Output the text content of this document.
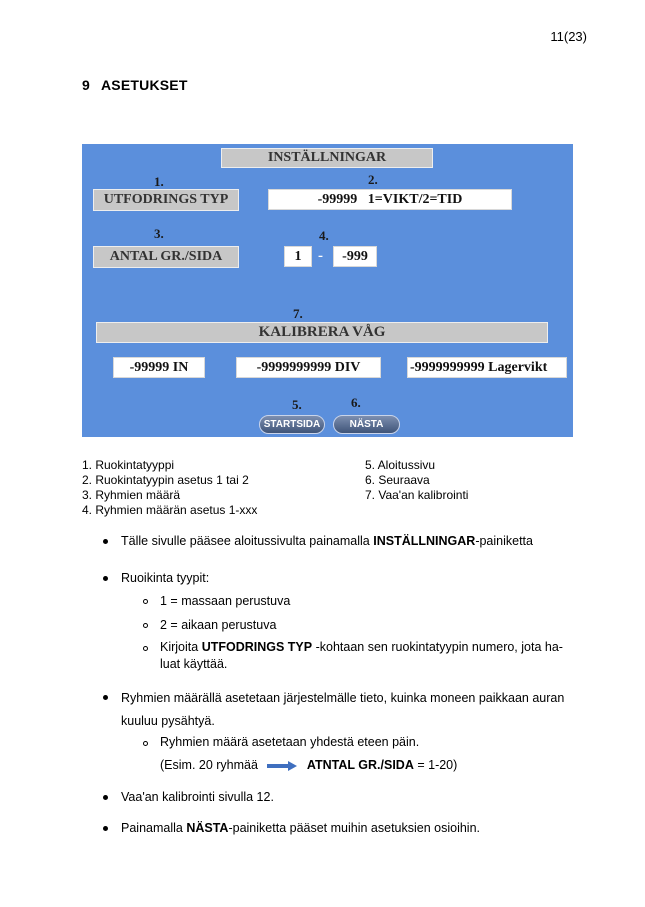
11(23)
9 ASETUKSET
INSTÄLLNINGAR
1.	2.
UTFODRINGS TYP	-99999   1=VIKT/2=TID
3.	4.
ANTAL GR./SIDA	1	-	-999
7.
KALIBRERA VÅG
-99999 IN	-9999999999 DIV	-9999999999 Lagervikt
5.	6.
STARTSIDA	NÄSTA
1. Ruokintatyyppi
2. Ruokintatyypin asetus 1 tai 2
3. Ryhmien määrä
4. Ryhmien määrän asetus 1-xxx
5. Aloitussivu
6. Seuraava
7. Vaa'an kalibrointi
Tälle sivulle pääsee aloitussivulta painamalla INSTÄLLNINGAR-painiketta
Ruoikinta tyypit:
1 = massaan perustuva
2 = aikaan perustuva
Kirjoita UTFODRINGS TYP -kohtaan sen ruokintatyypin numero, jota ha-
luat käyttää.
Ryhmien määrällä asetetaan järjestelmälle tieto, kuinka moneen paikkaan auran
kuuluu pysähtyä.
Ryhmien määrä asetetaan yhdestä eteen päin.
(Esim. 20 ryhmää	ATNTAL GR./SIDA = 1-20)
Vaa'an kalibrointi sivulla 12.
Painamalla NÄSTA-painiketta pääset muihin asetuksien osioihin.
